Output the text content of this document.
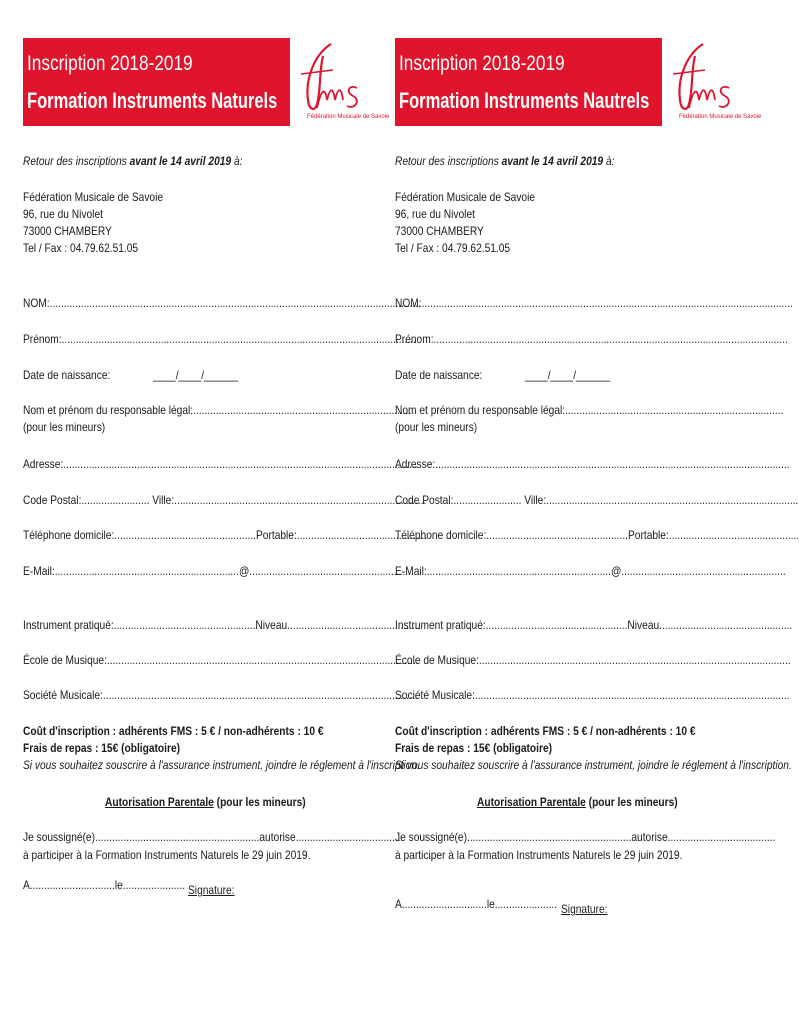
Inscription 2018-2019
Formation Instruments Naturels
Fédération Musicale de Savoie
Retour des inscriptions avant le 14 avril 2019 à:
Fédération Musicale de Savoie
96, rue du Nivolet
73000 CHAMBERY
Tel / Fax : 04.79.62.51.05
NOM:...................................................................................................................................
Prénom:.............................................................................................................................
Date de naissance:	____/____/______
Nom et prénom du responsable légal:.............................................................................
(pour les mineurs)
Adresse:.............................................................................................................................
Code Postal:........................ Ville:.........................................................................................
Téléphone domicile:..................................................Portable:..............................................
E-Mail:.................................................................@..........................................................
Instrument pratiqué:..................................................Niveau...............................................
École de Musique:..............................................................................................................
Société Musicale:...............................................................................................................
Coût d'inscription : adhérents FMS : 5 € / non-adhérents : 10 €
Frais de repas : 15€ (obligatoire)
Si vous souhaitez souscrire à l'assurance instrument, joindre le réglement à l'inscription.
Autorisation Parentale (pour les mineurs)
Je soussigné(e)..........................................................autorise......................................
à participer à la Formation Instruments Naturels le 29 juin 2019.
A..............................le...................... Signature:
Inscription 2018-2019
Formation Instruments Nautrels
Fédération Musicale de Savoie
Retour des inscriptions avant le 14 avril 2019 à:
Fédération Musicale de Savoie
96, rue du Nivolet
73000 CHAMBERY
Tel / Fax : 04.79.62.51.05
NOM:...................................................................................................................................
Prénom:.............................................................................................................................
Date de naissance:	____/____/______
Nom et prénom du responsable légal:.............................................................................
(pour les mineurs)
Adresse:.............................................................................................................................
Code Postal:........................ Ville:.........................................................................................
Téléphone domicile:..................................................Portable:..............................................
E-Mail:.................................................................@..........................................................
Instrument pratiqué:..................................................Niveau...............................................
École de Musique:..............................................................................................................
Société Musicale:...............................................................................................................
Coût d'inscription : adhérents FMS : 5 € / non-adhérents : 10 €
Frais de repas : 15€ (obligatoire)
Si vous souhaitez souscrire à l'assurance instrument, joindre le réglement à l'inscription.
Autorisation Parentale (pour les mineurs)
Je soussigné(e)..........................................................autorise......................................
à participer à la Formation Instruments Naturels le 29 juin 2019.
A..............................le...................... Signature:
